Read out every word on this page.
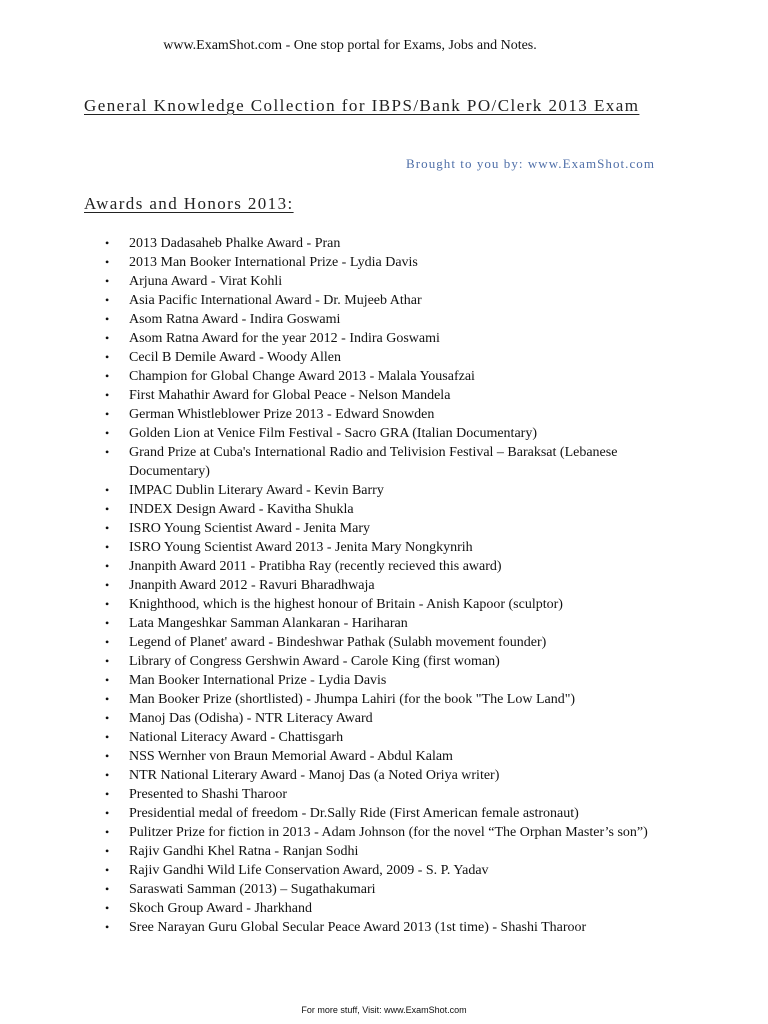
www.ExamShot.com - One stop portal for Exams, Jobs and Notes.
General Knowledge Collection for IBPS/Bank PO/Clerk 2013 Exam
Brought to you by: www.ExamShot.com
Awards and Honors 2013:
•	2013 Dadasaheb Phalke Award - Pran
•	2013 Man Booker International Prize - Lydia Davis
•	Arjuna Award - Virat Kohli
•	Asia Pacific International Award - Dr. Mujeeb Athar
•	Asom Ratna Award - Indira Goswami
•	Asom Ratna Award for the year 2012 - Indira Goswami
•	Cecil B Demile Award - Woody Allen
•	Champion for Global Change Award 2013 - Malala Yousafzai
•	First Mahathir Award for Global Peace - Nelson Mandela
•	German Whistleblower Prize 2013 - Edward Snowden
•	Golden Lion at Venice Film Festival - Sacro GRA (Italian Documentary)
•	Grand Prize at Cuba's International Radio and Telivision Festival – Baraksat (Lebanese Documentary)
•	IMPAC Dublin Literary Award - Kevin Barry
•	INDEX Design Award - Kavitha Shukla
•	ISRO Young Scientist Award - Jenita Mary
•	ISRO Young Scientist Award 2013 - Jenita Mary Nongkynrih
•	Jnanpith Award 2011 - Pratibha Ray (recently recieved this award)
•	Jnanpith Award 2012 - Ravuri Bharadhwaja
•	Knighthood, which is the highest honour of Britain - Anish Kapoor (sculptor)
•	Lata Mangeshkar Samman Alankaran - Hariharan
•	Legend of Planet' award - Bindeshwar Pathak (Sulabh movement founder)
•	Library of Congress Gershwin Award - Carole King (first woman)
•	Man Booker International Prize - Lydia Davis
•	Man Booker Prize (shortlisted) - Jhumpa Lahiri (for the book "The Low Land")
•	Manoj Das (Odisha) - NTR Literacy Award
•	National Literacy Award - Chattisgarh
•	NSS Wernher von Braun Memorial Award - Abdul Kalam
•	NTR National Literary Award - Manoj Das (a Noted Oriya writer)
•	Presented to Shashi Tharoor
•	Presidential medal of freedom - Dr.Sally Ride (First American female astronaut)
•	Pulitzer Prize for fiction in 2013 - Adam Johnson (for the novel “The Orphan Master’s son”)
•	Rajiv Gandhi Khel Ratna - Ranjan Sodhi
•	Rajiv Gandhi Wild Life Conservation Award, 2009 - S. P. Yadav
•	Saraswati Samman (2013) – Sugathakumari
•	Skoch Group Award - Jharkhand
•	Sree Narayan Guru Global Secular Peace Award 2013 (1st time) - Shashi Tharoor
For more stuff, Visit: www.ExamShot.com
